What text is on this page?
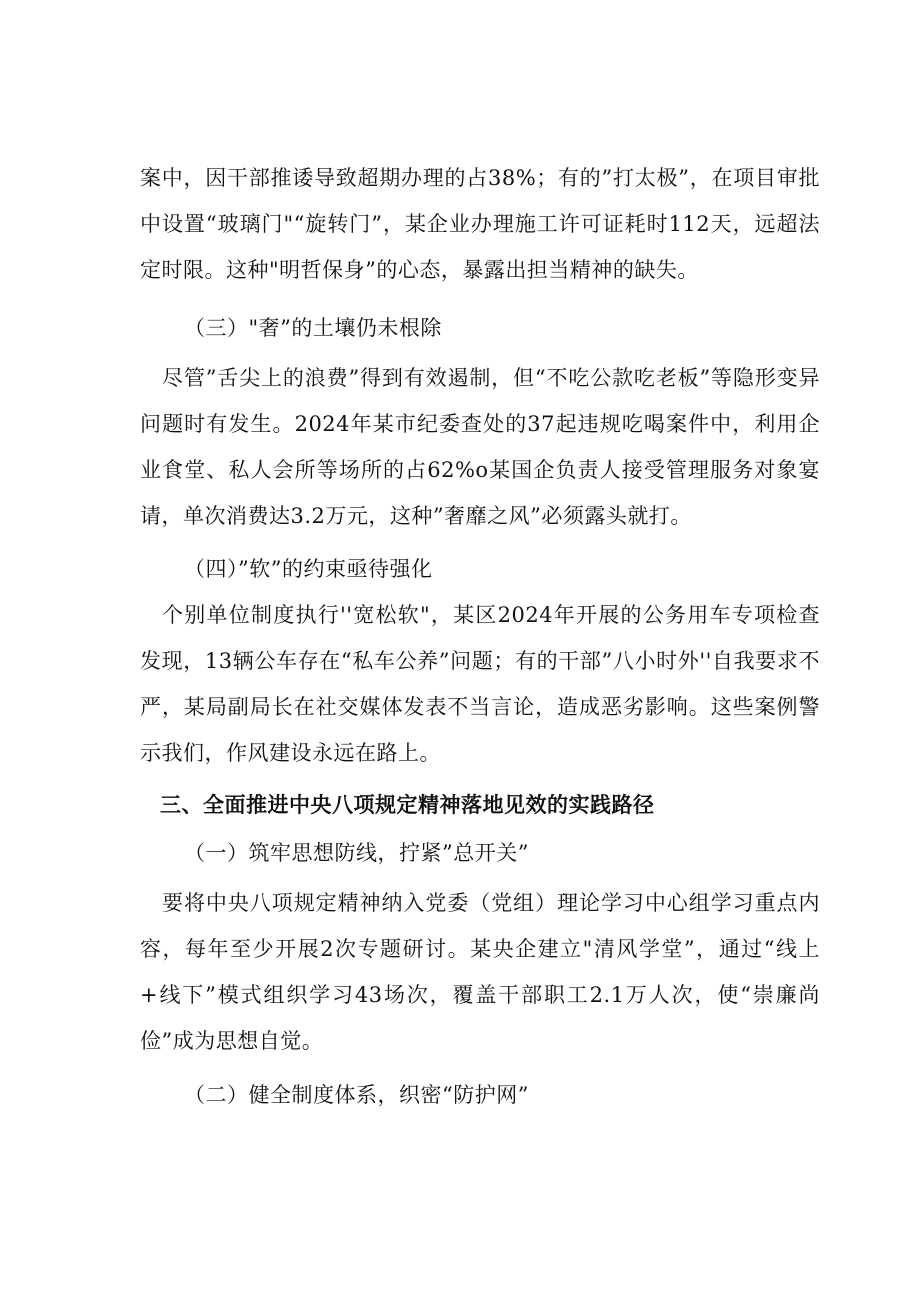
案中，因干部推诿导致超期办理的占38%；有的”打太极”，在项目审批中设置“玻璃门"“旋转门”，某企业办理施工许可证耗时112天，远超法定时限。这种"明哲保身”的心态，暴露出担当精神的缺失。

（三）"奢”的土壤仍未根除

尽管”舌尖上的浪费”得到有效遏制，但“不吃公款吃老板”等隐形变异问题时有发生。2024年某市纪委查处的37起违规吃喝案件中，利用企业食堂、私人会所等场所的占62%o某国企负责人接受管理服务对象宴请，单次消费达3.2万元，这种”奢靡之风”必须露头就打。

（四）”软”的约束亟待强化

个别单位制度执行''宽松软"，某区2024年开展的公务用车专项检查发现，13辆公车存在“私车公养”问题；有的干部”八小时外''自我要求不严，某局副局长在社交媒体发表不当言论，造成恶劣影响。这些案例警示我们，作风建设永远在路上。

三、全面推进中央八项规定精神落地见效的实践路径

（一）筑牢思想防线，拧紧”总开关”

要将中央八项规定精神纳入党委（党组）理论学习中心组学习重点内容，每年至少开展2次专题研讨。某央企建立"清风学堂”，通过“线上+线下”模式组织学习43场次，覆盖干部职工2.1万人次，使“崇廉尚俭”成为思想自觉。

（二）健全制度体系，织密“防护网”
